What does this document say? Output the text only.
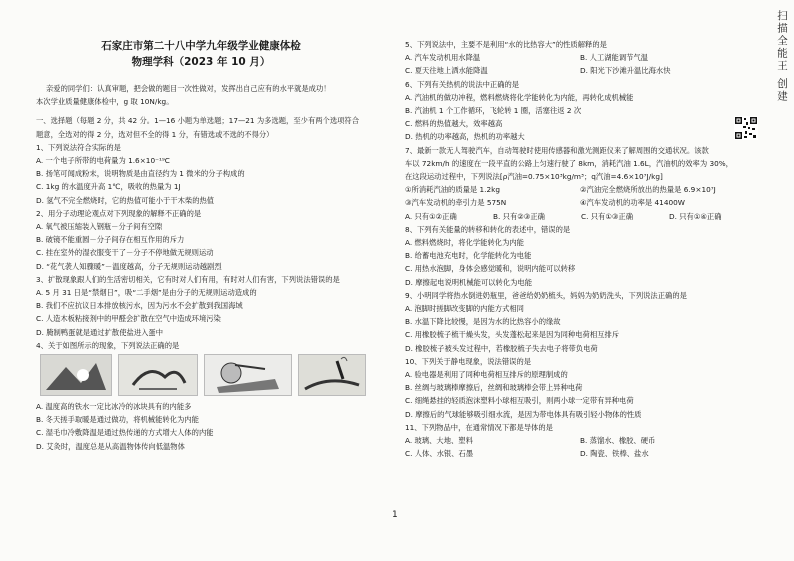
石家庄市第二十八中学九年级学业健康体检
物理学科（2023 年 10 月）
亲爱的同学们：认真审题，把会做的题目一次性做对，发挥出自己应有的水平就是成功！
本次学业质量健康体检中，g 取 10N/kg。
一、选择题（每题 2 分，共 42 分。1—16 小题为单选题；17—21 为多选题，至少有两个选项符合
题意，全选对的得 2 分，选对但不全的得 1 分，有错选或不选的不得分）
1、下列说法符合实际的是
A. 一个电子所带的电荷量为 1.6×10⁻¹⁹C
B. 扬笔可闻成粉末，说明物质是由直径约为 1 微米的分子构成的
C. 1kg 的水温度升高 1℃，吸收的热量为 1J
D. 氢气不完全燃烧时，它的热值可能小于干木柴的热值
2、用分子动理论观点对下列现象的解释不正确的是
A. 氧气被压缩装入钢瓶－分子间有空隙
B. 破镜不能重圆－分子间存在相互作用的斥力
C. 挂在室外的湿衣服变干了－分子不停地做无规则运动
D. “花气袭人知骤暖”－温度越高，分子无规则运动越剧烈
3、扩散现象跟人们的生活密切相关，它有时对人们有用，有时对人们有害，下列说法错误的是
A. 5 月 31 日是“禁烟日”，吸“二手烟”是由分子的无规则运动造成的
B. 我们不应抗议日本排放核污水，因为污水不会扩散到我国海域
C. 人造木板粘接剂中的甲醛会扩散在空气中造成环境污染
D. 腌制鸭蛋就是通过扩散使盐进入蛋中
4、关于如图所示的现象，下列说法正确的是
A. 温度高的铁水一定比冰冷的冰块具有的内能多
B. 冬天搓手取暖是通过做功，将机械能转化为内能
C. 湿毛巾冷敷降温是通过热传递的方式增大人体的内能
D. 艾灸时，温度总是从高温物体传向低温物体
5、下列说法中，主要不是利用“水的比热容大”的性质解释的是
A. 汽车发动机用水降温	B. 人工湖能调节气温
C. 夏天往地上洒水能降温	D. 阳光下沙滩升温比海水快
6、下列有关热机的说法中正确的是
A. 汽油机的做功冲程，燃料燃烧将化学能转化为内能，再转化成机械能
B. 汽油机 1 个工作循环，飞轮转 1 圈，活塞往返 2 次
C. 燃料的热值越大，效率越高
D. 热机的功率越高，热机的功率越大
7、最新一款无人驾驶汽车，自动驾驶时使用传感器和激光测距仪来了解周围的交通状况。该款
车以 72km/h 的速度在一段平直的公路上匀速行驶了 8km，消耗汽油 1.6L，汽油机的效率为 30%，
在这段运动过程中，下列说法[ρ汽油=0.75×10³kg/m³；q汽油=4.6×10⁷J/kg]
①所消耗汽油的质量是 1.2kg	②汽油完全燃烧所放出的热量是 6.9×10⁷J
③汽车发动机的牵引力是 575N	④汽车发动机的功率是 41400W
A. 只有①②正确	B. 只有②③正确	C. 只有①③正确	D. 只有①④正确
8、下列有关能量的转移和转化的表述中，错误的是
A. 燃料燃烧时，将化学能转化为内能
B. 给蓄电池充电时，化学能转化为电能
C. 用热水泡脚，身体会感觉暖和，说明内能可以转移
D. 摩擦起电说明机械能可以转化为电能
9、小明同学将热水倒进奶瓶里，爸爸给奶奶梳头，妈妈为奶奶洗头，下列说法正确的是
A. 泡脚时搓脚改变脚的内能方式相同
B. 水温下降比较慢，是因为水的比热容小的缘故
C. 用橡胶梳子梳干燥头发，头发蓬松起来是因为同种电荷相互排斥
D. 橡胶梳子被头发过程中，若橡胶梳子失去电子将带负电荷
10、下列关于静电现象，说法错误的是
A. 验电器是利用了同种电荷相互排斥的原理制成的
B. 丝绸与玻璃棒摩擦后，丝绸和玻璃棒会带上异种电荷
C. 细绳悬挂的轻质泡沫塑料小球相互吸引，则两小球一定带有异种电荷
D. 摩擦后的气球能够吸引细水流，是因为带电体具有吸引轻小物体的性质
11、下列物品中，在通常情况下都是导体的是
A. 玻璃、大地、塑料	B. 蒸馏水、橡胶、硬币
C. 人体、水银、石墨	D. 陶瓷、铁棒、盐水
扫描全能王 创建
1
